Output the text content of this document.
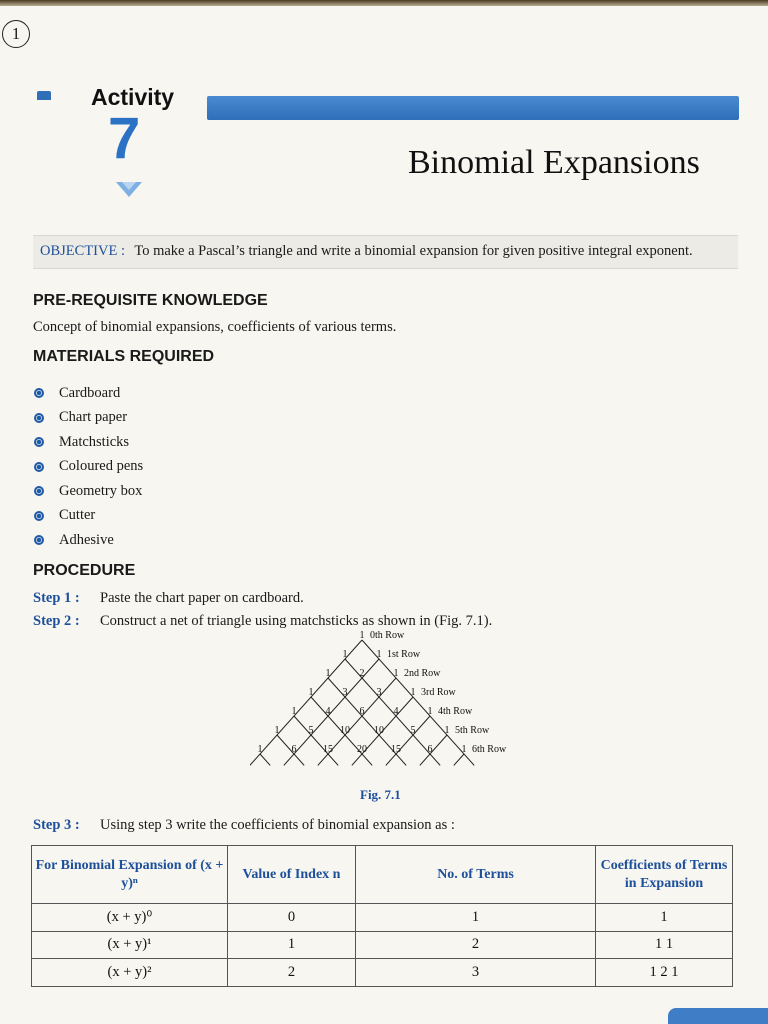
1
Activity
7	Binomial Expansions
OBJECTIVE : To make a Pascal’s triangle and write a binomial expansion for given positive integral exponent.
PRE-REQUISITE KNOWLEDGE
Concept of binomial expansions, coefficients of various terms.
MATERIALS REQUIRED
Cardboard
Chart paper
Matchsticks
Coloured pens
Geometry box
Cutter
Adhesive
PROCEDURE
Step 1 :	Paste the chart paper on cardboard.
Step 2 :	Construct a net of triangle using matchsticks as shown in (Fig. 7.1).
1 0th Row
1	1 1st Row
1	2	1 2nd Row
1	3	3	1 3rd Row
1	4	6	4	1 4th Row
1	5	10 10	5	1 5th Row
1	6	15 20 15	6	1 6th Row
Fig. 7.1
Step 3 :	Using step 3 write the coefficients of binomial expansion as :
For Binomial Expansion of (x + y)ⁿ	Value of Index n	No. of Terms	Coefficients of Terms in Expansion
(x + y)⁰	0	1	1
(x + y)¹	1	2	1 1
(x + y)²	2	3	1 2 1
